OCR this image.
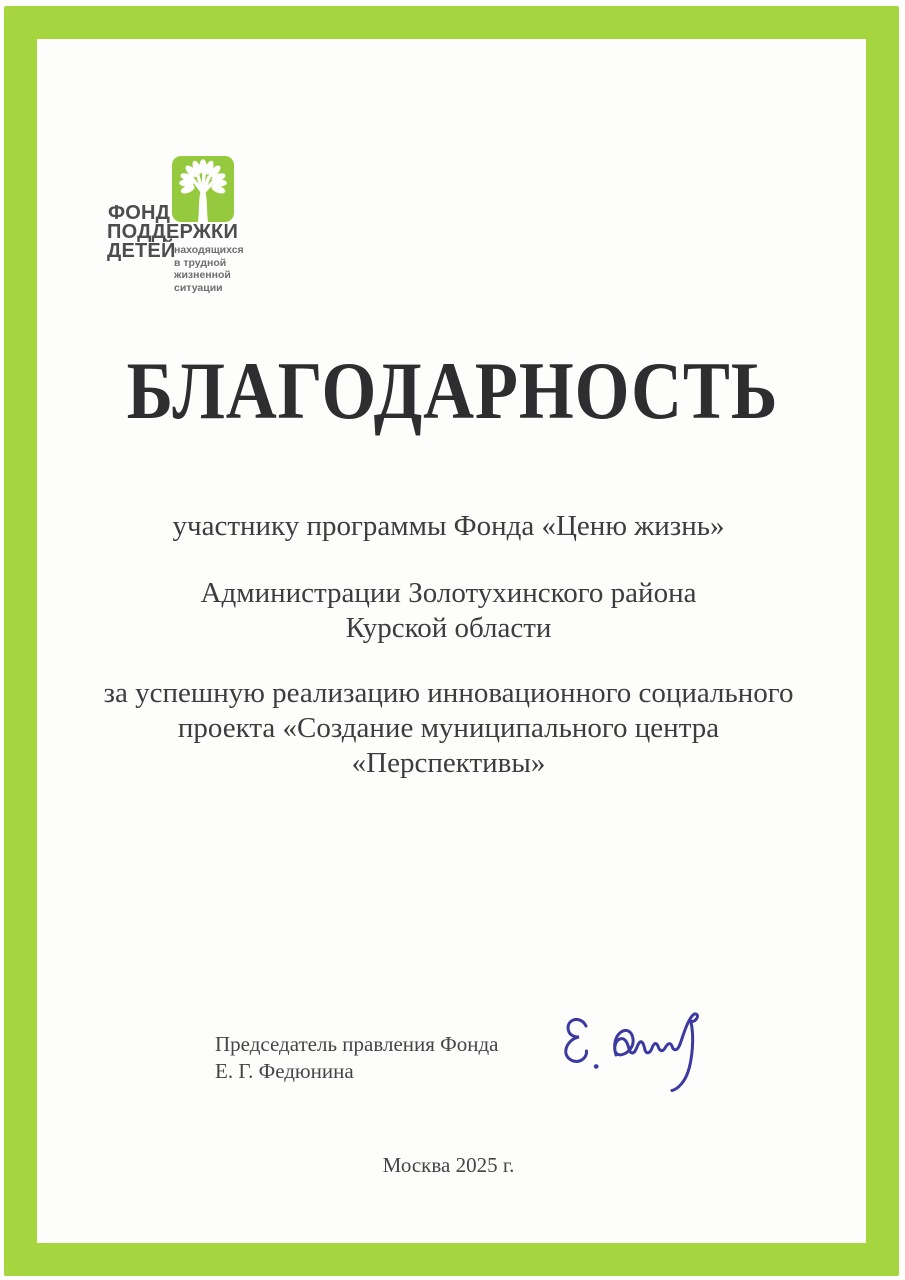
ФОНД
ПОДДЕРЖКИ
ДЕТЕЙ
находящихся
в трудной
жизненной
ситуации
БЛАГОДАРНОСТЬ
участнику программы Фонда «Ценю жизнь»
Администрации Золотухинского района
Курской области
за успешную реализацию инновационного социального
проекта «Создание муниципального центра
«Перспективы»
Председатель правления Фонда
Е. Г. Федюнина
Москва 2025 г.
